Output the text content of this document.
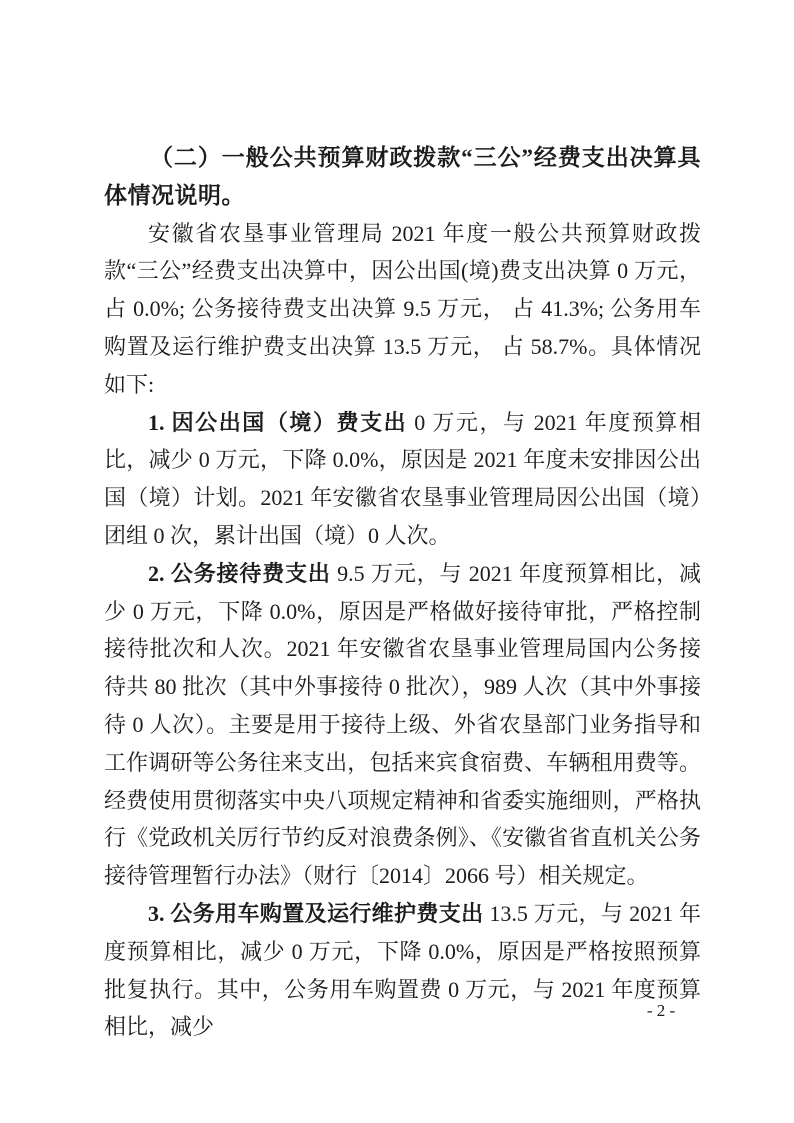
（二）一般公共预算财政拨款“三公”经费支出决算具体情况说明。

安徽省农垦事业管理局 2021 年度一般公共预算财政拨款“三公”经费支出决算中，因公出国(境)费支出决算 0 万元，占 0.0%; 公务接待费支出决算 9.5 万元， 占 41.3%; 公务用车购置及运行维护费支出决算 13.5 万元， 占 58.7%。具体情况如下:

1. 因公出国（境）费支出 0 万元，与 2021 年度预算相比，减少 0 万元，下降 0.0%，原因是 2021 年度未安排因公出国（境）计划。2021 年安徽省农垦事业管理局因公出国（境）团组 0 次，累计出国（境）0 人次。

2. 公务接待费支出 9.5 万元，与 2021 年度预算相比，减少 0 万元，下降 0.0%，原因是严格做好接待审批，严格控制接待批次和人次。2021 年安徽省农垦事业管理局国内公务接待共 80 批次（其中外事接待 0 批次），989 人次（其中外事接待 0 人次）。主要是用于接待上级、外省农垦部门业务指导和工作调研等公务往来支出，包括来宾食宿费、车辆租用费等。经费使用贯彻落实中央八项规定精神和省委实施细则，严格执行《党政机关厉行节约反对浪费条例》、《安徽省省直机关公务接待管理暂行办法》（财行〔2014〕2066 号）相关规定。

3. 公务用车购置及运行维护费支出 13.5 万元，与 2021 年度预算相比，减少 0 万元，下降 0.0%，原因是严格按照预算批复执行。其中，公务用车购置费 0 万元，与 2021 年度预算相比，减少

- 2 -
